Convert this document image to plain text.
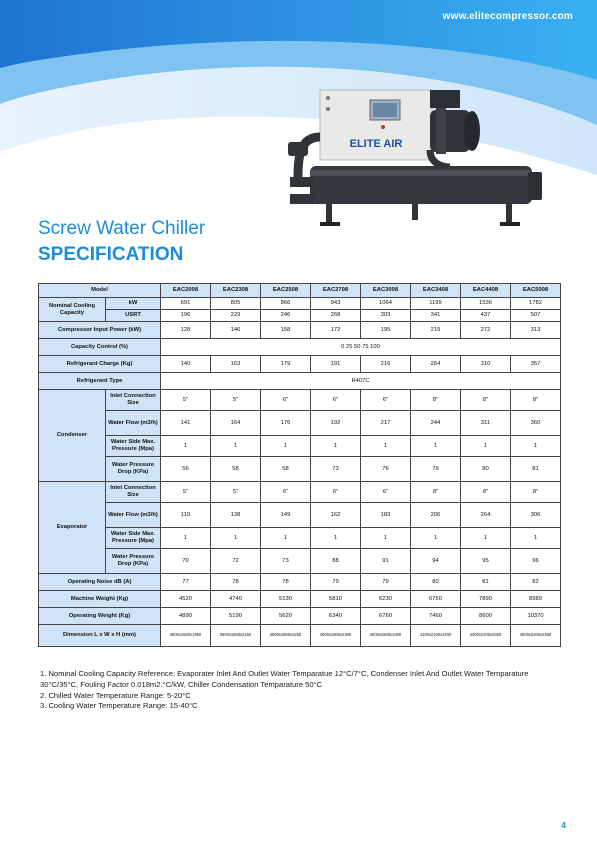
www.elitecompressor.com
ELITE AIR
Screw Water Chiller
SPECIFICATION
Model		EAC2008	EAC2308	EAC2508	EAC2708	EAC3008	EAC3408	EAC4408	EAC5008
Nominal Cooling Capacity	kW	691	805	866	943	1064	1199	1536	1782
	USRT	196	229	246	268	303	341	437	507
Compressor Input Power (kW)		128	146	158	172	195	219	272	313
Capacity Control (%)		0 25 50 75 100							
Refrigerant Charge (Kg)		140	163	179	191	216	264	310	357
Refrigerant Type		R407C							
Condenser	Inlet Connection Size	5"	5"	6"	6"	6"	8"	8"	8"
	Water Flow (m3/h)	141	164	176	192	217	244	311	360
	Water Side Max. Pressure (Mpa)	1	1	1	1	1	1	1	1
	Water Pressure Drop (KPa)	56	58	58	73	76	79	80	81
Evaporator	Inlet Connection Size	5"	5"	6"	6"	6"	8"	8"	8"
	Water Flow (m3/h)	119	138	149	162	183	206	264	306
	Water Side Max. Pressure (Mpa)	1	1	1	1	1	1	1	1
	Water Pressure Drop (KPa)	70	72	73	88	91	94	95	96
Operating Noise dB (A)		77	78	78	79	79	80	81	82
Machine Weight (Kg)		4520	4740	5130	5810	6230	6750	7890	8989
Operating Weight (Kg)		4890	5190	5620	6340	6760	7460	8600	10370
Dimension L x W x H (mm)		3600x1600x1950	3600x1800x2150	3800x1800x2250	4000x1800x2300	4000x1800x2300	4100x2100x2300	4300x2200x2350	4500x2200x2450
1. Nominal Cooling Capacity Reference: Evaporater Inlet And Outlet Water Temparatue 12°C/7°C, Condenser Inlet And Outlet Water Temparature 30°C/35°C, Fouling Factor 0.018m2.°C/kW, Chiller Condensation Temparature 50°C
2. Chilled Water Temperature Range: 5-20°C
3. Cooling Water Temperature Range: 15-40°C
4
